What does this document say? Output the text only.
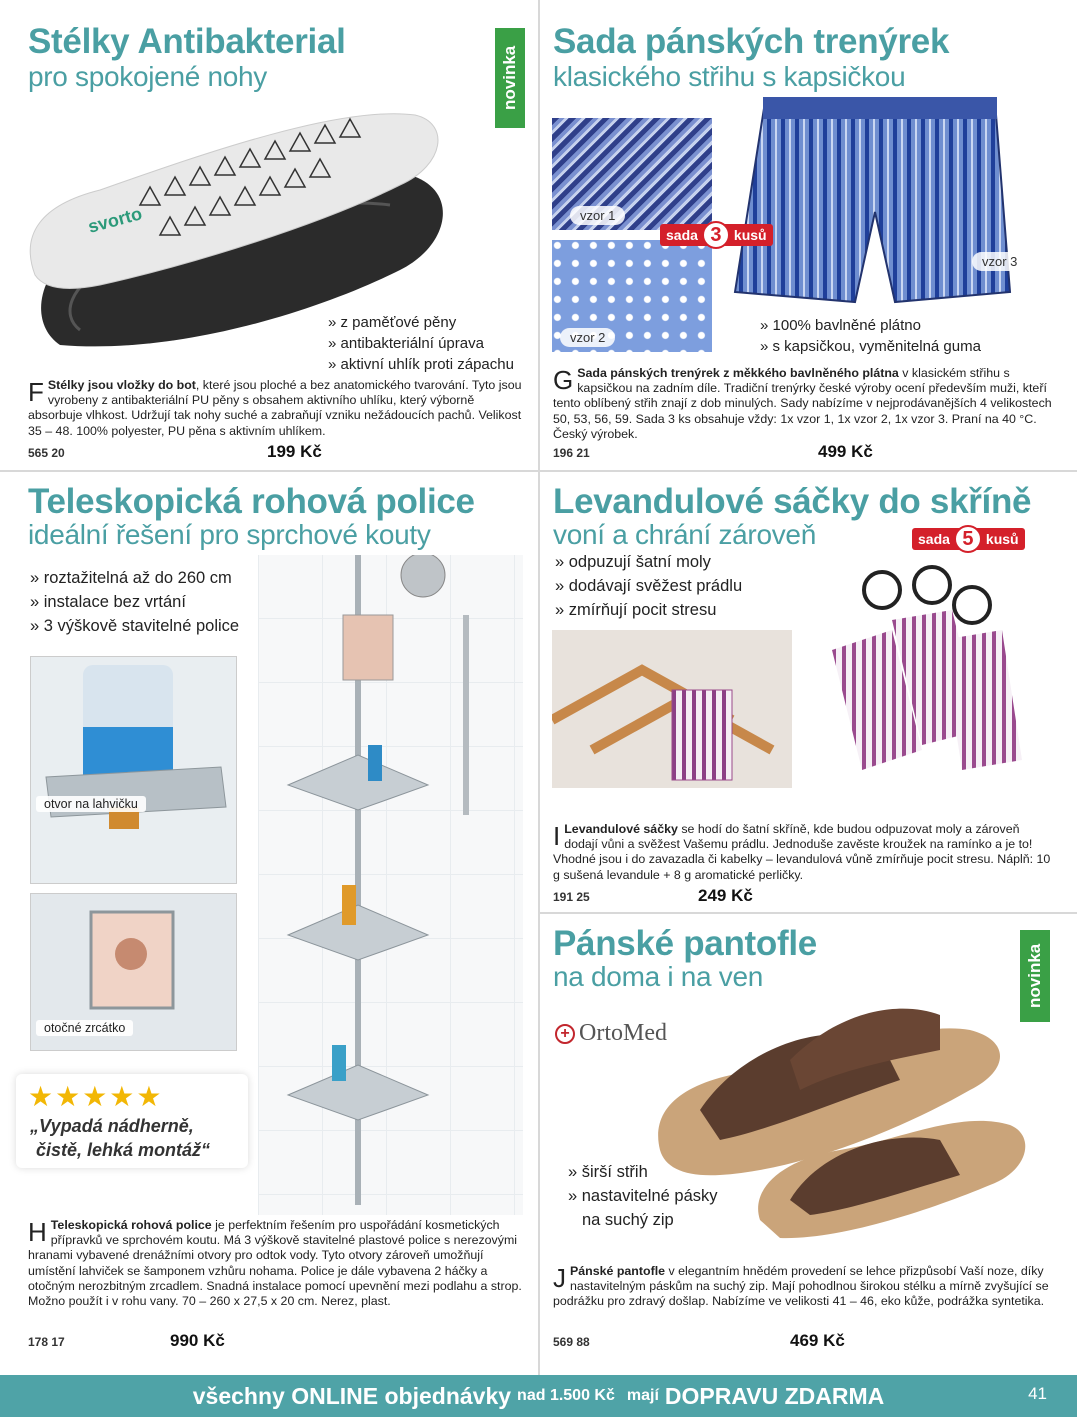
Stélky Antibakterial
pro spokojené nohy	novinka
svorto
» z paměťové pěny
» antibakteriální úprava
» aktivní uhlík proti zápachu
F Stélky jsou vložky do bot, které jsou ploché a bez anatomického tvarování. Tyto jsou vyrobeny z antibakteriální PU pěny s obsahem aktivního uhlíku, který výborně absorbuje vlhkost. Udržují tak nohy suché a zabraňují vzniku nežádoucích pachů. Velikost 35 – 48. 100% polyester, PU pěna s aktivním uhlíkem.
565 20	199 Kč
Sada pánských trenýrek
klasického střihu s kapsičkou
vzor 1
vzor 2
vzor 3
sada 3 kusů
» 100% bavlněné plátno
» s kapsičkou, vyměnitelná guma
G Sada pánských trenýrek z měkkého bavlněného plátna v klasickém střihu s kapsičkou na zadním díle. Tradiční trenýrky české výroby ocení především muži, kteří tento oblíbený střih znají z dob minulých. Sady nabízíme v nejprodávanějších 4 velikostech 50, 53, 56, 59. Sada 3 ks obsahuje vždy: 1x vzor 1, 1x vzor 2, 1x vzor 3. Praní na 40 °C. Český výrobek.
196 21	499 Kč
Teleskopická rohová police
ideální řešení pro sprchové kouty
» roztažitelná až do 260 cm
» instalace bez vrtání
» 3 výškově stavitelné police
otvor na lahvičku
otočné zrcátko
★★★★★
„Vypadá nádherně,
čistě, lehká montáž“
H Teleskopická rohová police je perfektním řešením pro uspořádání kosmetických přípravků ve sprchovém koutu. Má 3 výškově stavitelné plastové police s nerezovými hranami vybavené drenážními otvory pro odtok vody. Tyto otvory zároveň umožňují umístění lahviček se šamponem vzhůru nohama. Police je dále vybavena 2 háčky a otočným nerozbitným zrcadlem. Snadná instalace pomocí upevnění mezi podlahu a strop. Možno použít i v rohu vany. 70 – 260 x 27,5 x 20 cm. Nerez, plast.
178 17	990 Kč
Levandulové sáčky do skříně
voní a chrání zároveň	sada 5 kusů
» odpuzují šatní moly
» dodávají svěžest prádlu
» zmírňují pocit stresu
I Levandulové sáčky se hodí do šatní skříně, kde budou odpuzovat moly a zároveň dodají vůni a svěžest Vašemu prádlu. Jednoduše zavěste kroužek na ramínko a je to! Vhodné jsou i do zavazadla či kabelky – levandulová vůně zmírňuje pocit stresu. Náplň: 10 g sušená levandule + 8 g aromatické perličky.
191 25	249 Kč
Pánské pantofle
na doma i na ven	novinka
+ OrtoMed
» širší střih
» nastavitelné pásky
na suchý zip
J Pánské pantofle v elegantním hnědém provedení se lehce přizpůsobí Vaší noze, díky nastavitelným páskům na suchý zip. Mají pohodlnou širokou stélku a mírně zvyšující se podrážku pro zdravý došlap. Nabízíme ve velikosti 41 – 46, eko kůže, podrážka syntetika.
569 88	469 Kč
všechny ONLINE objednávky nad 1.500 Kč mají DOPRAVU ZDARMA	41
